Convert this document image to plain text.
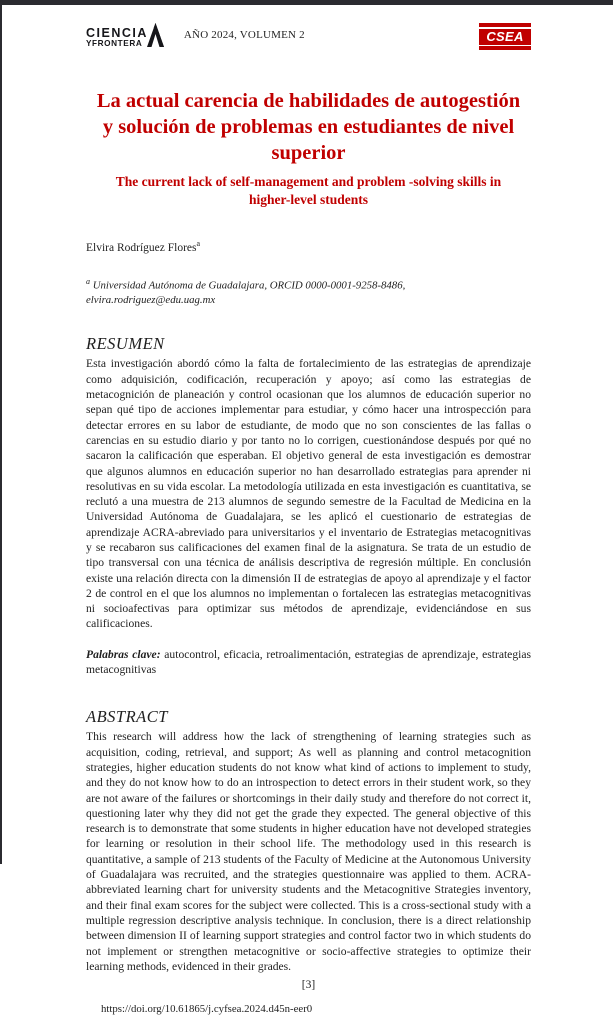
CIENCIA
YFRONTERA
AÑO 2024, VOLUMEN 2	CSEA
La actual carencia de habilidades de autogestión y solución de problemas en estudiantes de nivel superior
The current lack of self-management and problem -solving skills in higher-level students
Elvira Rodríguez Flores$^a$
$^a$ Universidad Autónoma de Guadalajara, ORCID 0000-0001-9258-8486,
elvira.rodriguez@edu.uag.mx
RESUMEN

Esta investigación abordó cómo la falta de fortalecimiento de las estrategias de aprendizaje como adquisición, codificación, recuperación y apoyo; así como las estrategias de metacognición de planeación y control ocasionan que los alumnos de educación superior no sepan qué tipo de acciones implementar para estudiar, y cómo hacer una introspección para detectar errores en su labor de estudiante, de modo que no son conscientes de las fallas o carencias en su estudio diario y por tanto no lo corrigen, cuestionándose después por qué no sacaron la calificación que esperaban. El objetivo general de esta investigación es demostrar que algunos alumnos en educación superior no han desarrollado estrategias para aprender ni resolutivas en su vida escolar. La metodología utilizada en esta investigación es cuantitativa, se reclutó a una muestra de 213 alumnos de segundo semestre de la Facultad de Medicina en la Universidad Autónoma de Guadalajara, se les aplicó el cuestionario de estrategias de aprendizaje ACRA-abreviado para universitarios y el inventario de Estrategias metacognitivas y se recabaron sus calificaciones del examen final de la asignatura. Se trata de un estudio de tipo transversal con una técnica de análisis descriptiva de regresión múltiple. En conclusión existe una relación directa con la dimensión II de estrategias de apoyo al aprendizaje y el factor 2 de control en el que los alumnos no implementan o fortalecen las estrategias metacognitivas ni socioafectivas para optimizar sus métodos de aprendizaje, evidenciándose en sus calificaciones.

Palabras clave: autocontrol, eficacia, retroalimentación, estrategias de aprendizaje, estrategias metacognitivas

ABSTRACT

This research will address how the lack of strengthening of learning strategies such as acquisition, coding, retrieval, and support; As well as planning and control metacognition strategies, higher education students do not know what kind of actions to implement to study, and they do not know how to do an introspection to detect errors in their student work, so they are not aware of the failures or shortcomings in their daily study and therefore do not correct it, questioning later why they did not get the grade they expected. The general objective of this research is to demonstrate that some students in higher education have not developed strategies for learning or resolution in their school life. The methodology used in this research is quantitative, a sample of 213 students of the Faculty of Medicine at the Autonomous University of Guadalajara was recruited, and the strategies questionnaire was applied to them. ACRA-abbreviated learning chart for university students and the Metacognitive Strategies inventory, and their final exam scores for the subject were collected. This is a cross-sectional study with a multiple regression descriptive analysis technique. In conclusion, there is a direct relationship between dimension II of learning support strategies and control factor two in which students do not implement or strengthen metacognitive or socio-affective strategies to optimize their learning methods, evidenced in their grades.

[3]
https://doi.org/10.61865/j.cyfsea.2024.d45n-eer0
